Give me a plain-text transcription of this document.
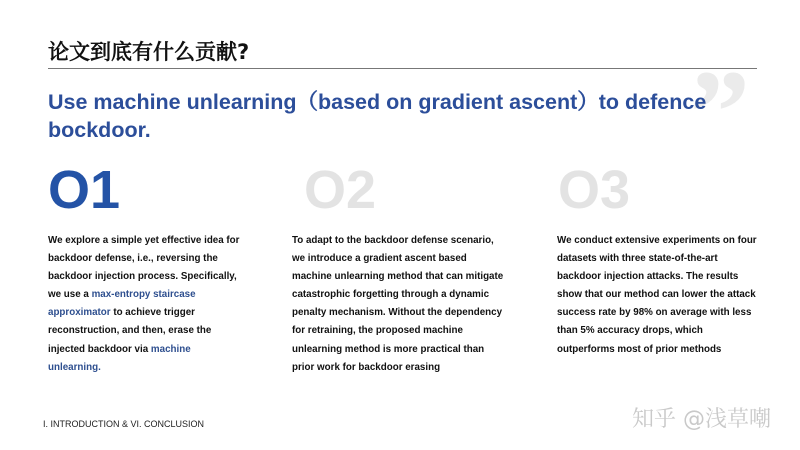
论文到底有什么贡献?	”
Use machine unlearning（based on gradient ascent）to defence bockdoor.
O1	O2	O3
We explore a simple yet effective idea for backdoor defense, i.e., reversing the backdoor injection process. Specifically, we use a max-entropy staircase approximator to achieve trigger reconstruction, and then, erase the injected backdoor via machine unlearning.
To adapt to the backdoor defense scenario, we introduce a gradient ascent based machine unlearning method that can mitigate catastrophic forgetting through a dynamic penalty mechanism. Without the dependency for retraining, the proposed machine unlearning method is more practical than prior work for backdoor erasing
We conduct extensive experiments on four datasets with three state-of-the-art backdoor injection attacks. The results show that our method can lower the attack success rate by 98% on average with less than 5% accuracy drops, which outperforms most of prior methods
I. INTRODUCTION & VI. CONCLUSION	知乎 @浅草嘲
